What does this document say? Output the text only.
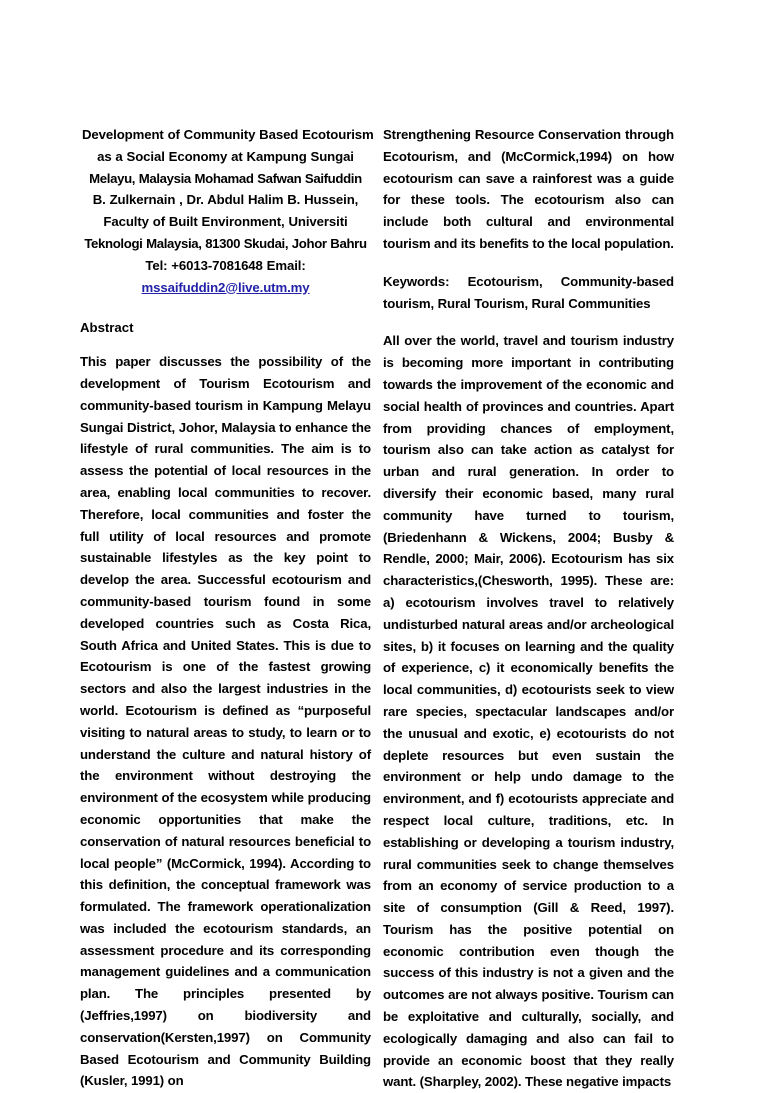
Development of Community Based Ecotourism
as a Social Economy at Kampung Sungai
Melayu, Malaysia Mohamad Safwan Saifuddin
B. Zulkernain , Dr. Abdul Halim B. Hussein,
Faculty of Built Environment, Universiti
Teknologi Malaysia, 81300 Skudai, Johor Bahru
Tel: +6013-7081648 Email:
mssaifuddin2@live.utm.my
Abstract

This paper discusses the possibility of the development of Tourism Ecotourism and community-based tourism in Kampung Melayu Sungai District, Johor, Malaysia to enhance the lifestyle of rural communities. The aim is to assess the potential of local resources in the area, enabling local communities to recover. Therefore, local communities and foster the full utility of local resources and promote sustainable lifestyles as the key point to develop the area. Successful ecotourism and community-based tourism found in some developed countries such as Costa Rica, South Africa and United States. This is due to Ecotourism is one of the fastest growing sectors and also the largest industries in the world. Ecotourism is defined as “purposeful visiting to natural areas to study, to learn or to understand the culture and natural history of the environment without destroying the environment of the ecosystem while producing economic opportunities that make the conservation of natural resources beneficial to local people” (McCormick, 1994). According to this definition, the conceptual framework was formulated. The framework operationalization was included the ecotourism standards, an assessment procedure and its corresponding management guidelines and a communication plan. The principles presented by (Jeffries,1997) on biodiversity and conservation(Kersten,1997) on Community Based Ecotourism and Community Building (Kusler, 1991) on

Strengthening Resource Conservation through Ecotourism, and (McCormick,1994) on how ecotourism can save a rainforest was a guide for these tools. The ecotourism also can include both cultural and environmental tourism and its benefits to the local population.

Keywords: Ecotourism, Community-based tourism, Rural Tourism, Rural Communities

All over the world, travel and tourism industry is becoming more important in contributing towards the improvement of the economic and social health of provinces and countries. Apart from providing chances of employment, tourism also can take action as catalyst for urban and rural generation. In order to diversify their economic based, many rural community have turned to tourism,(Briedenhann & Wickens, 2004; Busby & Rendle, 2000; Mair, 2006). Ecotourism has six characteristics,(Chesworth, 1995). These are: a) ecotourism involves travel to relatively undisturbed natural areas and/or archeological sites, b) it focuses on learning and the quality of experience, c) it economically benefits the local communities, d) ecotourists seek to view rare species, spectacular landscapes and/or the unusual and exotic, e) ecotourists do not deplete resources but even sustain the environment or help undo damage to the environment, and f) ecotourists appreciate and respect local culture, traditions, etc. In establishing or developing a tourism industry, rural communities seek to change themselves from an economy of service production to a site of consumption (Gill & Reed, 1997). Tourism has the positive potential on economic contribution even though the success of this industry is not a given and the outcomes are not always positive. Tourism can be exploitative and culturally, socially, and ecologically damaging and also can fail to provide an economic boost that they really want. (Sharpley, 2002). These negative impacts
